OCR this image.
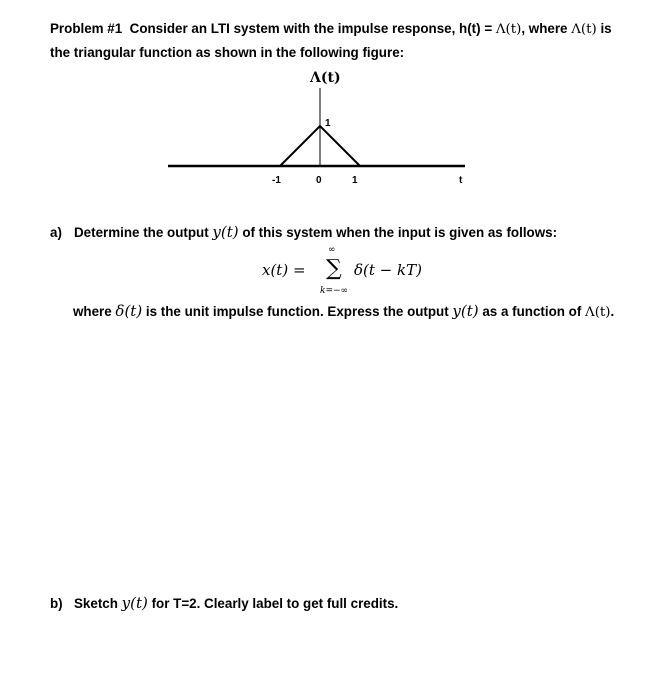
Problem #1 Consider an LTI system with the impulse response, h(t) = Λ(t), where Λ(t) is
the triangular function as shown in the following figure:
Λ(t)
1
-1	0	1	t
a) Determine the output y(t) of this system when the input is given as follows:
∞
x(t) = ∑ δ(t − kT)
k=−∞
where δ(t) is the unit impulse function. Express the output y(t) as a function of Λ(t).
b) Sketch y(t) for T=2. Clearly label to get full credits.
